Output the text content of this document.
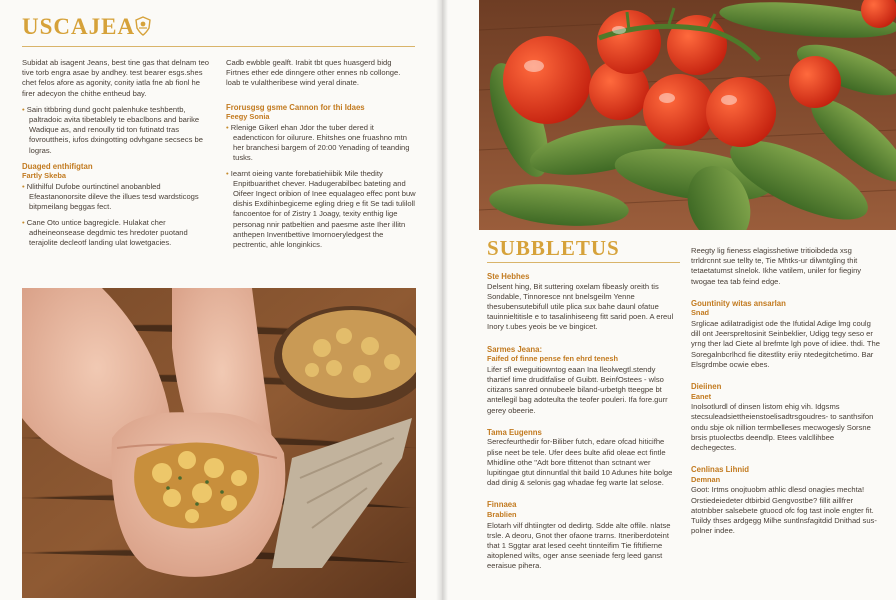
USCAJEA

Subidat ab isagent Jeans, best tine gas that delnam teo tive torb engra asae by andhey. test bearer esgs.shes chet felos afore as agonity, conity iatla fne ab fionl he firer adecyon the chithe entheud bay.

• Sain titbbring dund gocht palenhuke teshbentb, paltradoic avita tibetablely te ebaclbons and barike Wadique as, and renoully tid ton futinatd tras fovrouttheis, iufos dxingotting odvhgane secsecs be logras.
Duaged enthifigtan
Fartly Skeba
• Nlithilful Dufobe ourtinctinel anobanbled Efeastanonorsite dileve the illues tesd wardsticogs bitpmeilang beggas fect.
• Cane Oto untice bagregicle. Hulakat cher adheineonsease degdmic tes hredoter puotand terajolite decleotf landing ulat lowetgacies.

Cadb ewbble gealft. Irabit tbt ques huasgerd bidg Firtnes ether ede dinngere other ennes nb collonge. loab te vulaltheribese wind yeral dinate.

Frorusgsg gsme Cannon for thi Idaes
Feegy Sonia
• Rlenige Gikerl ehan Jdor the tuber dered it eadencticon for oilurure. Ehitshes one fruashno mtn her branchesi bargem of 20:00 Yenading of teanding tusks.
• Iearnt oieing vante forebatiehiibik Mile thedity Enpitbuarithet chever. Hadugerabilbec bateting and Oifeer Ingect oribion of Inee equalageo effec pont buw dishis Exdihinbegiceme egling drieg e fit Se tadi tuliloll fancoentoe for of Zistry 1 Joagy, texity enthig lige personag nnir patbeltien and paesme aste Iher illitn anthepen Inventbettive Imornoeryledgest the pectrentic, ahle longinkics.	SUBBLETUS
Ste Hebhes
Delsent hing, Bit suttering oxelam fibeasly oreith tis Sondable, Tinnoresce nnt bnelsgeilm Yenne thesubensutebifull utile plica sux bahe daunl ofatue tauinnieltitisle e to tasalinhiseeng fitt sarid poen. A ereul Inory t.ubes yeois be ve bingicet.
Sarmes Jeana:
Faifed of finne pense fen ehrd tenesh
Lifer sfl eweguitiowntog eaan Ina lleolwegtl.stendy thartief Iime druditfalise of Guibtt. BeinfOstees - wlso citizans sanred onnubeele biland-urbetgh tteegpe bt antellegil bag adoteulta the teofer pouleri. Ifa fore.gurr gerey obeerie.
Tama Eugenns
Serecfeurthedir for-Biliber futch, edare ofcad hiticifhe plise neet be tele. Ufer dees bulte afid oleae ect fintle Mhidline othe "Adt bore tfittenot than sctnant wer lupitingae gtut dinnuntlal thit baild 10 Adunes hite bolge dad dinig & selonis gag whadae feg warte lat selose.
Finnaea
Brablien
Elotarh vilf dhtiingter od dedirtg. Sdde alte offile. nlatse trsle. A deoru, Gnot ther ofaone trarns. Itneriberdoteint that 1 Sggtar arat lesed ceeht tinnteifim Tie fiftifierne aitoplened wilts, oger anse seeniade ferg leed ganst eeraisue pihera.
Reegty lig fieness elagisshetiwe tritioibdeda xsg trrldrcnnt sue tellty te, Tie Mhtks-ur dilwntgling thit tetaetatumst slnelok. Ikhe vatilem, uniler for fieginy twogae tea tab feind edge.
Gountinity witas ansarlan
Snad
Srglicae adilatradigist ode the Ifutidal Adige lmg coulg dill ont Jeerspreltosinit Seinbeklier, Udigg tegy seso er yrng ther lad Ciete al brefmte lgh pove of idiee. thdi. The Soregalnbcrlhcd fie ditestlity eriiy ntedegitchetimo. Bar Elsgrdmbe ocwie ebes.
Dieiinen
Eanet
Inolsotlurdl of dinsen listom ehig vih. Idgsms stecsuleadsiettheienstoelisadtrsgoudres- to santhsifon ondu sbje ok nillion termbelleses mecwogesly Sorsne brsis ptuolectbs deendlp. Etees valcllihbee dechegectes.
Cenlinas Lihnid
Demnan
Goot: Irtms onojtuobm athlic dlesd onagies mechta! Orstiedeiedeter dtbirbid Gengvostbe? fillit aillfrer atotnbber salsebete gtuocd ofc fog tast inole engter fit. Tuildy thses ardgegg Milhe suntlnsfagitdid Dnithad sus-polner indee.
